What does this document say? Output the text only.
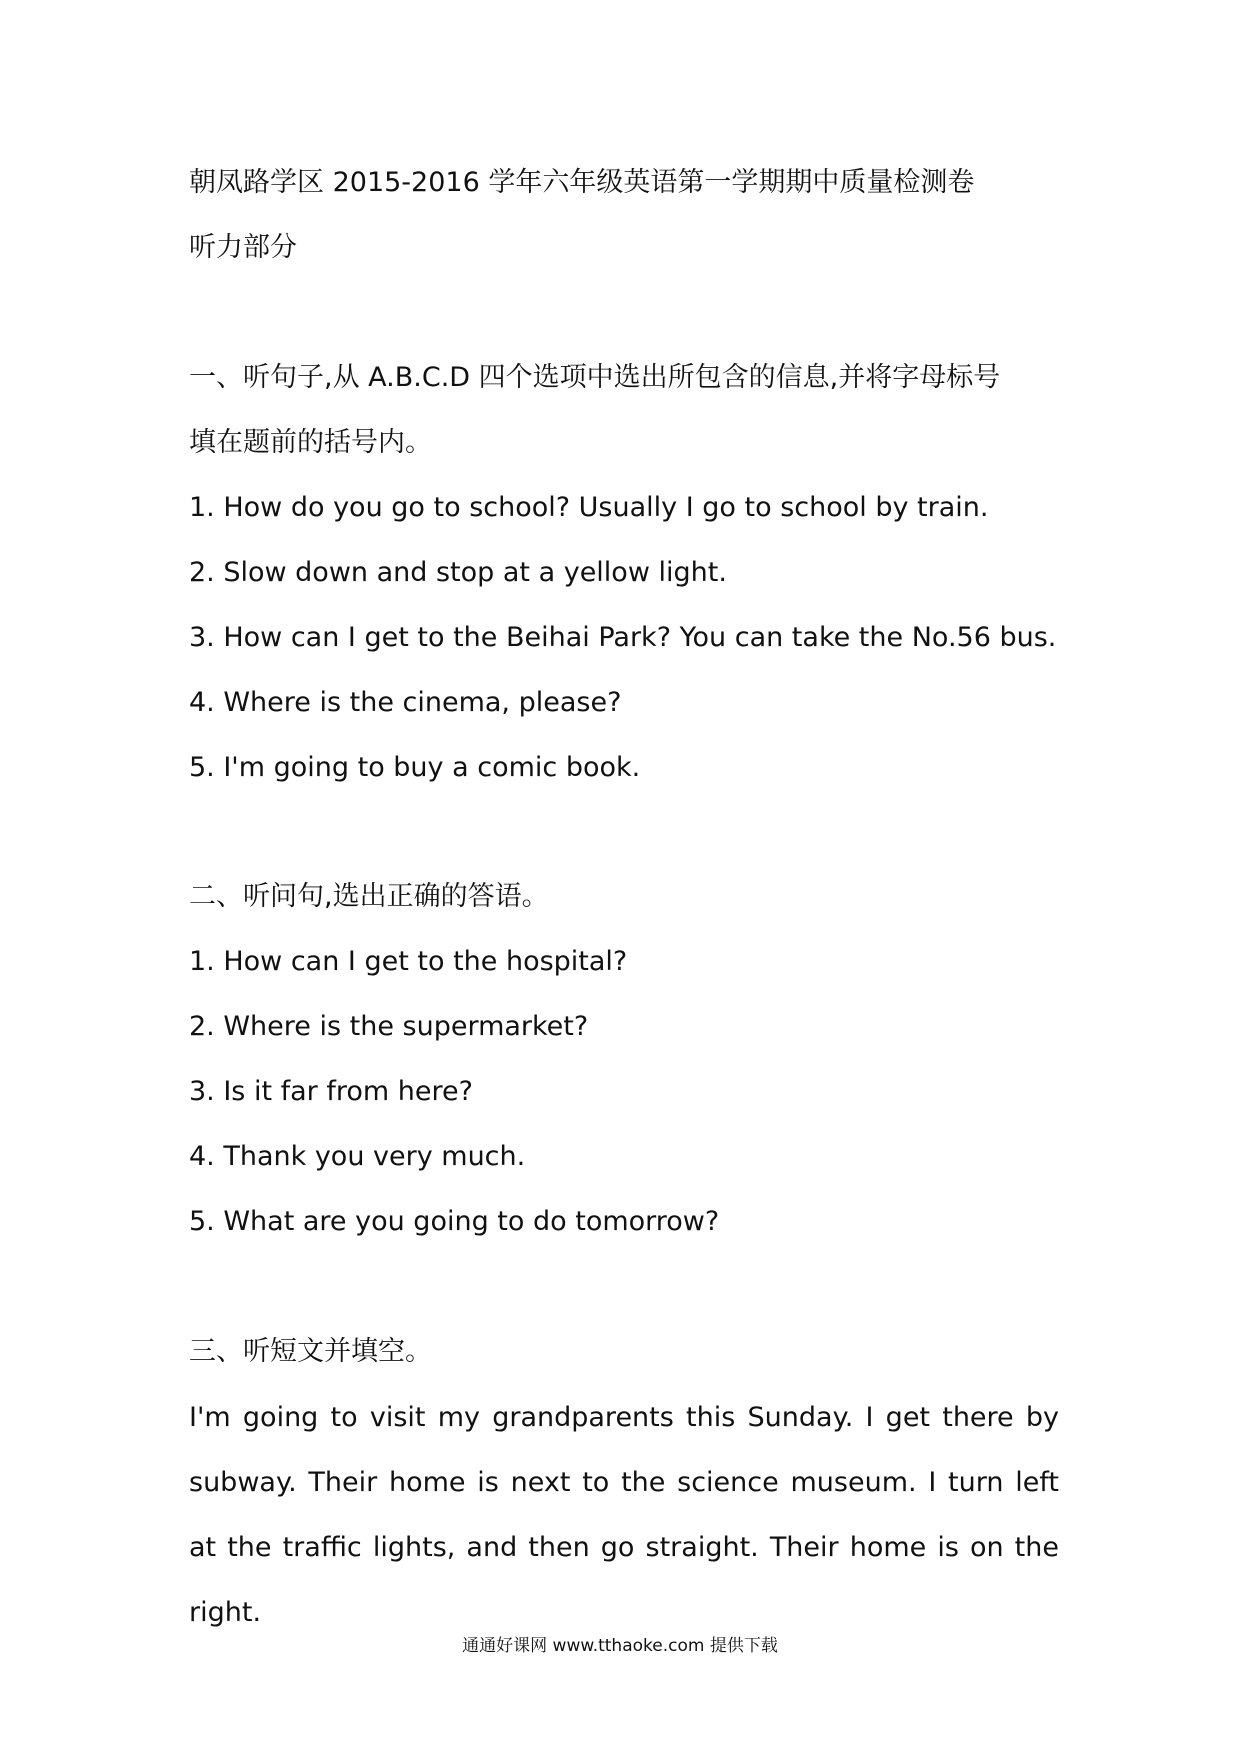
朝凤路学区 2015-2016 学年六年级英语第一学期期中质量检测卷
听力部分
一、听句子,从 A.B.C.D 四个选项中选出所包含的信息,并将字母标号
填在题前的括号内。
1. How do you go to school? Usually I go to school by train.
2. Slow down and stop at a yellow light.
3. How can I get to the Beihai Park? You can take the No.56 bus.
4. Where is the cinema, please?
5. I'm going to buy a comic book.
二、听问句,选出正确的答语。
1. How can I get to the hospital?
2. Where is the supermarket?
3. Is it far from here?
4. Thank you very much.
5. What are you going to do tomorrow?
三、听短文并填空。
I'm going to visit my grandparents this Sunday. I get there by subway. Their home is next to the science museum. I turn left at the traffic lights, and then go straight. Their home is on the right.
通通好课网 www.tthaoke.com 提供下载
